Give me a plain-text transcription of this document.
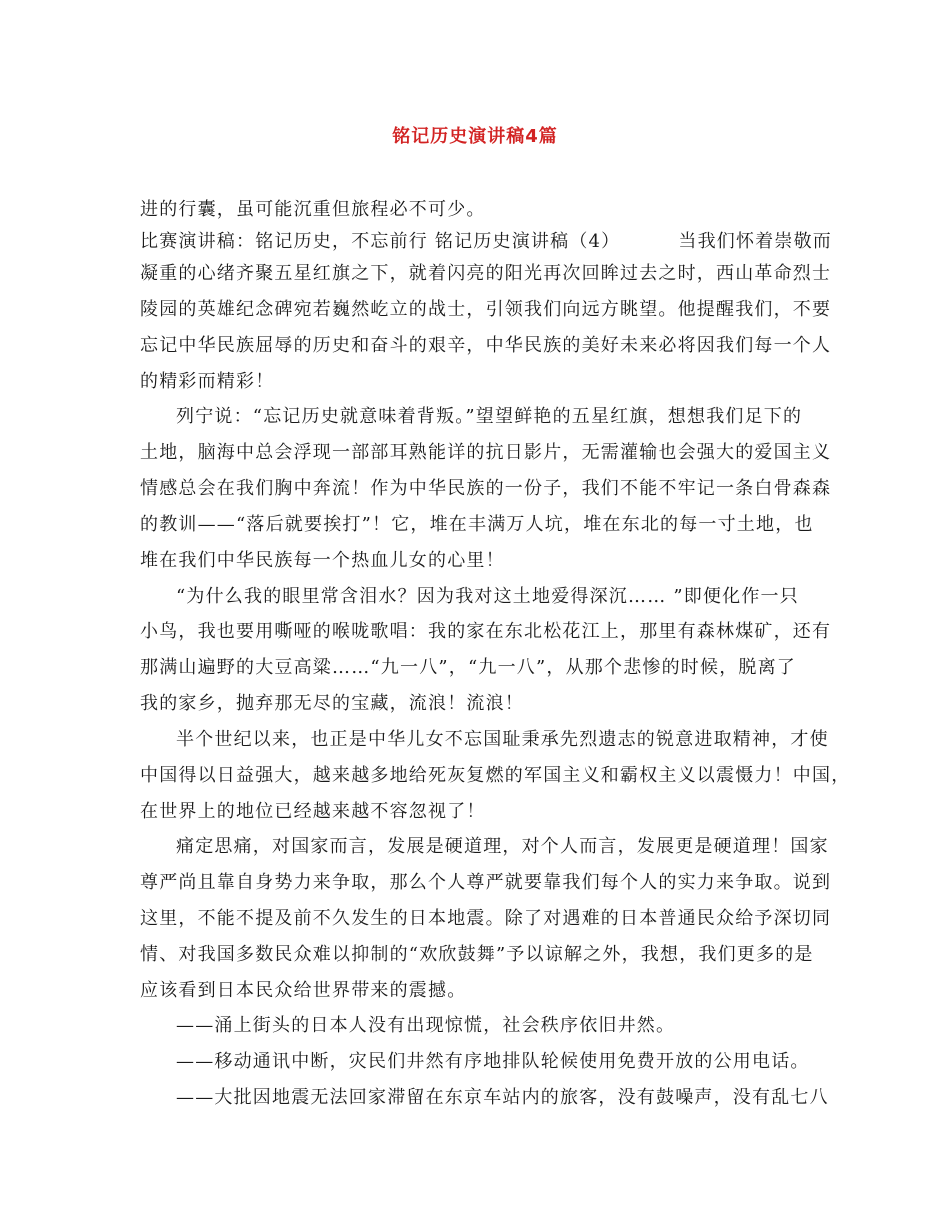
铭记历史演讲稿4篇
进的行囊，虽可能沉重但旅程必不可少。
比赛演讲稿：铭记历史，不忘前行 铭记历史演讲稿（4）	当我们怀着崇敬而
凝重的心绪齐聚五星红旗之下，就着闪亮的阳光再次回眸过去之时，西山革命烈士
陵园的英雄纪念碑宛若巍然屹立的战士，引领我们向远方眺望。他提醒我们，不要
忘记中华民族屈辱的历史和奋斗的艰辛，中华民族的美好未来必将因我们每一个人
的精彩而精彩！
列宁说：“忘记历史就意味着背叛。”望望鲜艳的五星红旗，想想我们足下的
土地，脑海中总会浮现一部部耳熟能详的抗日影片，无需灌输也会强大的爱国主义
情感总会在我们胸中奔流！作为中华民族的一份子，我们不能不牢记一条白骨森森
的教训——“落后就要挨打”！它，堆在丰满万人坑，堆在东北的每一寸土地，也
堆在我们中华民族每一个热血儿女的心里！
“为什么我的眼里常含泪水？因为我对这土地爱得深沉…… ”即便化作一只
小鸟，我也要用嘶哑的喉咙歌唱：我的家在东北松花江上，那里有森林煤矿，还有
那满山遍野的大豆高粱……“九一八”，“九一八”，从那个悲惨的时候，脱离了
我的家乡，抛弃那无尽的宝藏，流浪！流浪！
半个世纪以来，也正是中华儿女不忘国耻秉承先烈遗志的锐意进取精神，才使
中国得以日益强大，越来越多地给死灰复燃的军国主义和霸权主义以震慑力！中国，
在世界上的地位已经越来越不容忽视了！
痛定思痛，对国家而言，发展是硬道理，对个人而言，发展更是硬道理！国家
尊严尚且靠自身势力来争取，那么个人尊严就要靠我们每个人的实力来争取。说到
这里，不能不提及前不久发生的日本地震。除了对遇难的日本普通民众给予深切同
情、对我国多数民众难以抑制的“欢欣鼓舞”予以谅解之外，我想，我们更多的是
应该看到日本民众给世界带来的震撼。
——涌上街头的日本人没有出现惊慌，社会秩序依旧井然。
——移动通讯中断，灾民们井然有序地排队轮候使用免费开放的公用电话。
——大批因地震无法回家滞留在东京车站内的旅客，没有鼓噪声，没有乱七八
